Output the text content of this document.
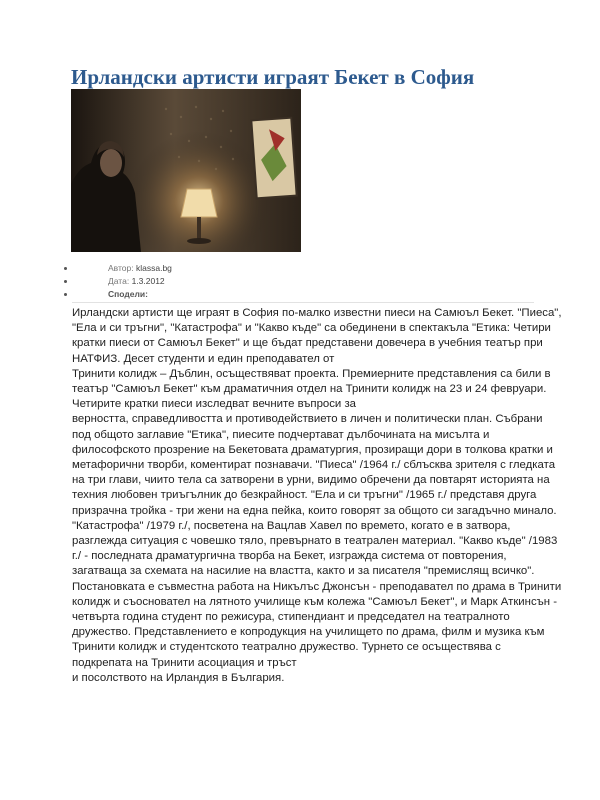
Ирландски артисти играят Бекет в София
Автор: klassa.bg
Дата: 1.3.2012
Сподели:
Ирландски артисти ще играят в София по-малко известни пиеси на Самюъл Бекет. "Пиеса",
"Ела и си тръгни", "Катастрофа" и "Какво къде" са обединени в спектакъла "Етика: Четири
кратки пиеси от Самюъл Бекет" и ще бъдат представени довечера в учебния театър при
НАТФИЗ. Десет студенти и един преподавател от
Тринити колидж – Дъблин, осъществяват проекта. Премиерните представления са били в
театър "Самюъл Бекет" към драматичния отдел на Тринити колидж на 23 и 24 февруари.
Четирите кратки пиеси изследват вечните въпроси за
верността, справедливостта и противодействието в личен и политически план. Събрани
под общото заглавие "Етика", пиесите подчертават дълбочината на мисълта и
философското прозрение на Бекетовата драматургия, прозиращи дори в толкова кратки и
метафорични творби, коментират познавачи. "Пиеса" /1964 г./ сблъсква зрителя с гледката
на три глави, чиито тела са затворени в урни, видимо обречени да повтарят историята на
техния любовен триъгълник до безкрайност. "Ела и си тръгни" /1965 г./ представя друга
призрачна тройка - три жени на една пейка, които говорят за общото си загадъчно минало.
"Катастрофа" /1979 г./, посветена на Вацлав Хавел по времето, когато е в затвора,
разглежда ситуация с човешко тяло, превърнато в театрален материал. "Какво къде" /1983
г./ - последната драматургична творба на Бекет, изгражда система от повторения,
загатваща за схемата на насилие на властта, както и за писателя "премислящ всичко".
Постановката е съвместна работа на Никълъс Джонсън - преподавател по драма в Тринити
колидж и съосновател на лятното училище към колежа "Самюъл Бекет", и Марк Аткинсън -
четвърта година студент по режисура, стипендиант и председател на театралното
дружество. Представлението е копродукция на училището по драма, филм и музика към
Тринити колидж и студентското театрално дружество. Турнето се осъществява с
подкрепата на Тринити асоциация и тръст
и посолството на Ирландия в България.
